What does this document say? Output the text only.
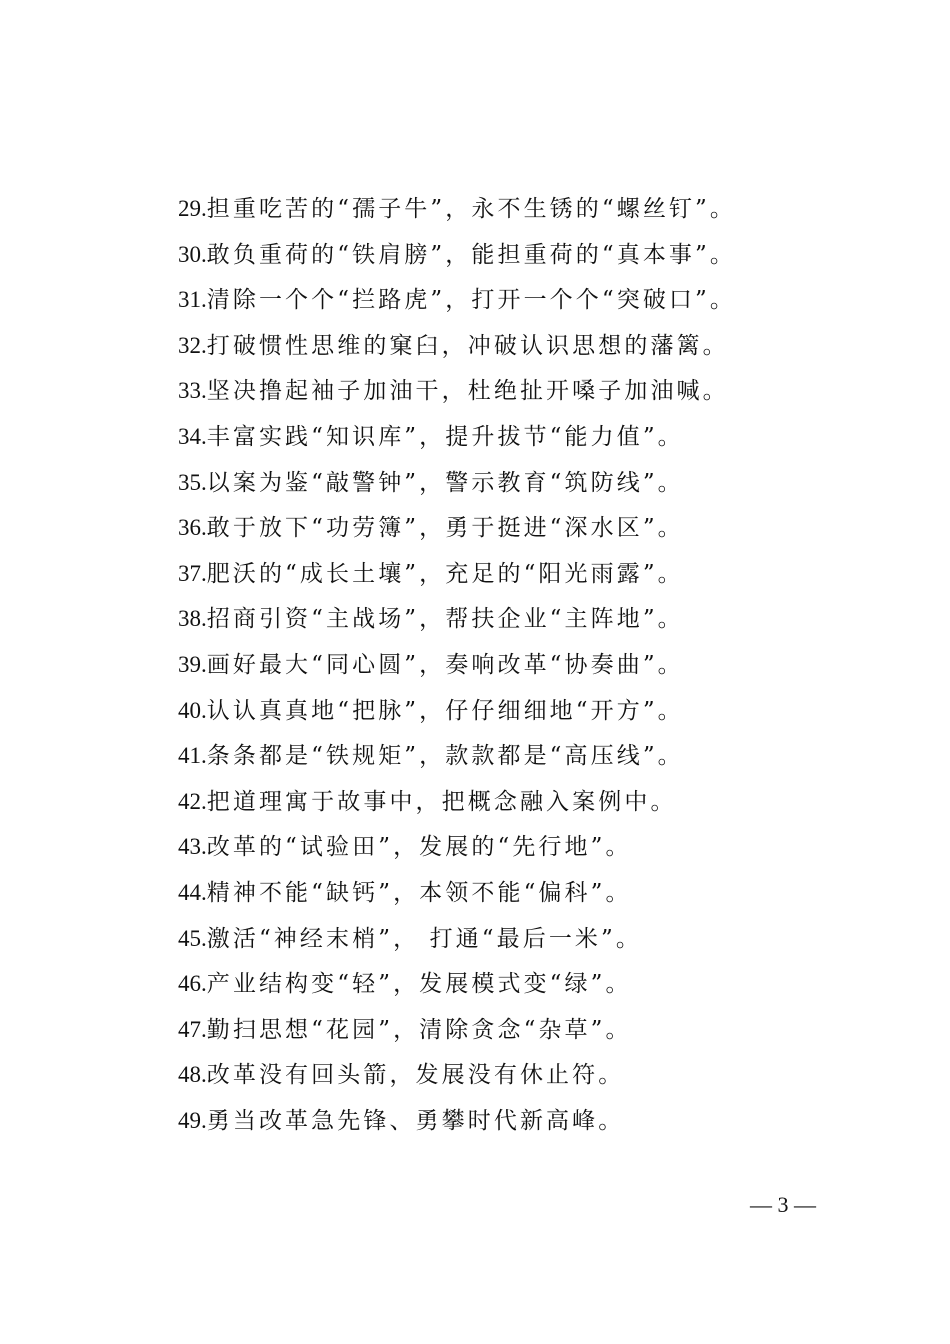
29.担重吃苦的“孺子牛”，永不生锈的“螺丝钉”。
30.敢负重荷的“铁肩膀”，能担重荷的“真本事”。
31.清除一个个“拦路虎”，打开一个个“突破口”。
32.打破惯性思维的窠臼，冲破认识思想的藩篱。
33.坚决撸起袖子加油干，杜绝扯开嗓子加油喊。
34.丰富实践“知识库”，提升拔节“能力值”。
35.以案为鉴“敲警钟”，警示教育“筑防线”。
36.敢于放下“功劳簿”，勇于挺进“深水区”。
37.肥沃的“成长土壤”，充足的“阳光雨露”。
38.招商引资“主战场”，帮扶企业“主阵地”。
39.画好最大“同心圆”，奏响改革“协奏曲”。
40.认认真真地“把脉”，仔仔细细地“开方”。
41.条条都是“铁规矩”，款款都是“高压线”。
42.把道理寓于故事中，把概念融入案例中。
43.改革的“试验田”，发展的“先行地”。
44.精神不能“缺钙”，本领不能“偏科”。
45.激活“神经末梢”， 打通“最后一米”。
46.产业结构变“轻”，发展模式变“绿”。
47.勤扫思想“花园”，清除贪念“杂草”。
48.改革没有回头箭，发展没有休止符。
49.勇当改革急先锋、勇攀时代新高峰。
— 3 —
